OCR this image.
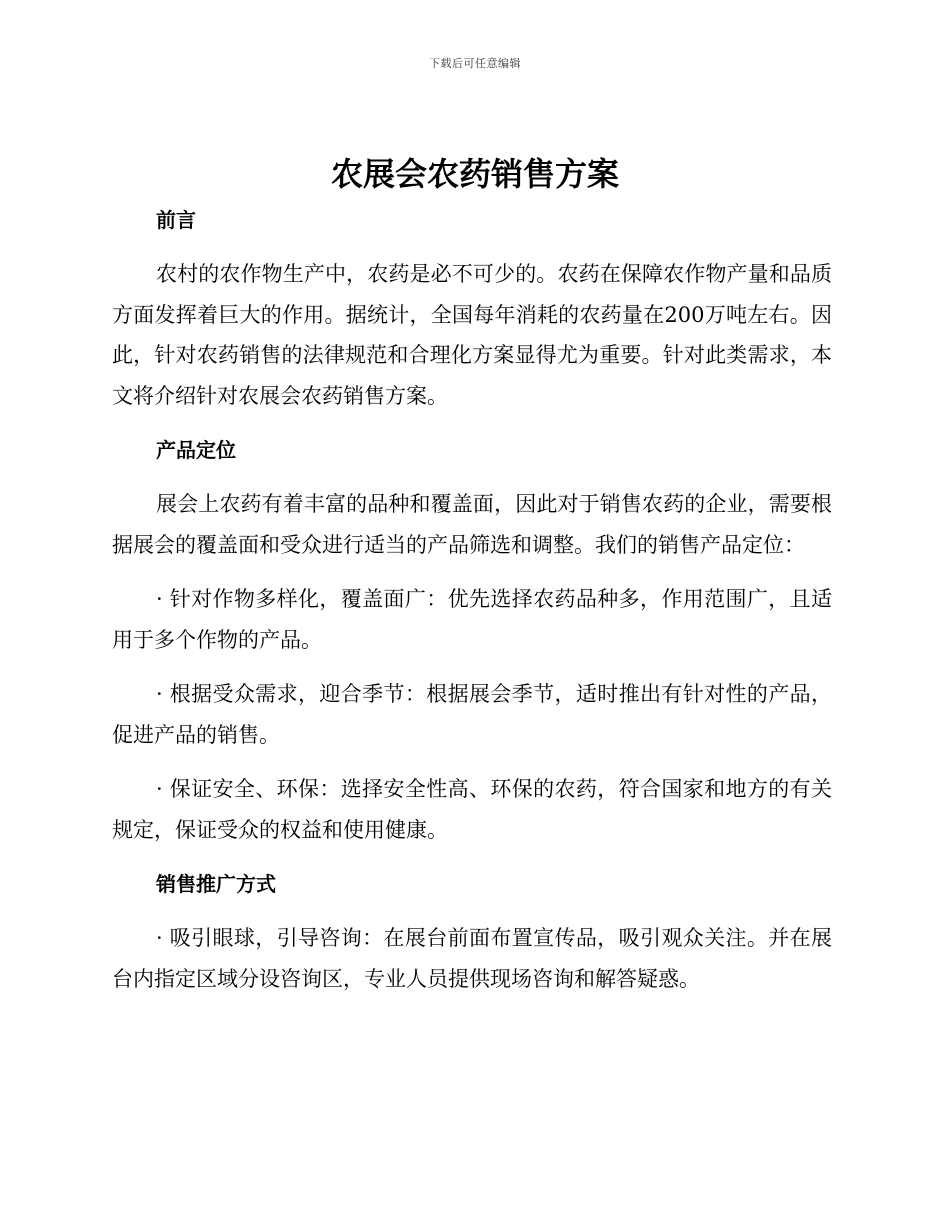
下载后可任意编辑
农展会农药销售方案
前言

农村的农作物生产中，农药是必不可少的。农药在保障农作物产量和品质方面发挥着巨大的作用。据统计，全国每年消耗的农药量在200万吨左右。因此，针对农药销售的法律规范和合理化方案显得尤为重要。针对此类需求，本文将介绍针对农展会农药销售方案。

产品定位

展会上农药有着丰富的品种和覆盖面，因此对于销售农药的企业，需要根据展会的覆盖面和受众进行适当的产品筛选和调整。我们的销售产品定位：

· 针对作物多样化，覆盖面广：优先选择农药品种多，作用范围广，且适用于多个作物的产品。

· 根据受众需求，迎合季节：根据展会季节，适时推出有针对性的产品，促进产品的销售。

· 保证安全、环保：选择安全性高、环保的农药，符合国家和地方的有关规定，保证受众的权益和使用健康。

销售推广方式

· 吸引眼球，引导咨询：在展台前面布置宣传品，吸引观众关注。并在展台内指定区域分设咨询区，专业人员提供现场咨询和解答疑惑。
